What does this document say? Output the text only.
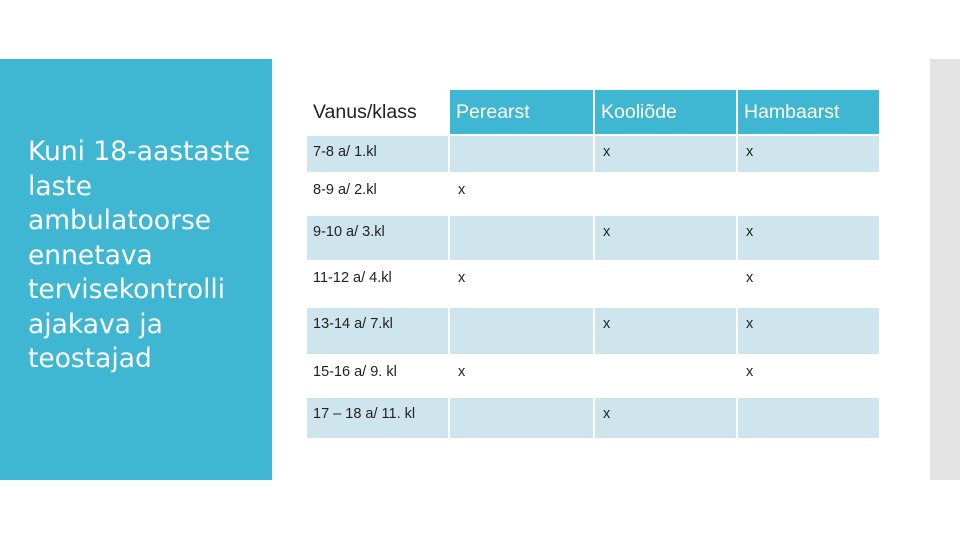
Kuni 18-aastaste laste ambulatoorse ennetava tervisekontrolli ajakava ja teostajad
Vanus/klass	Perearst	Kooliõde	Hambaarst
7-8 a/ 1.kl		x	x
8-9 a/ 2.kl	x		
9-10 a/ 3.kl		x	x
11-12 a/ 4.kl	x		x
13-14 a/ 7.kl		x	x
15-16 a/ 9. kl	x		x
17 – 18 a/ 11. kl		x	
